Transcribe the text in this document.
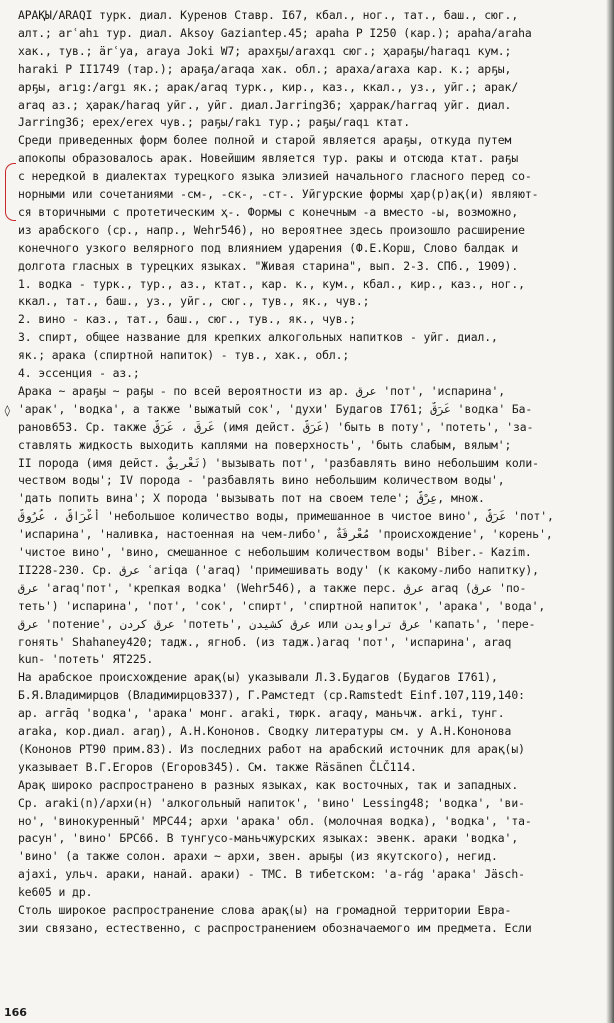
АРАҚЫ/ARAQI турк. диал. Куренов Ставр. I67, кбал., ног., тат., баш., сюг.,
алт.; arʿahı тур. диал. Aksoy Gaziantep.45; араһа P I250 (кар.); араһа/araha
хак., тув.; ärʿya, araya Joki W7; арахҕы/araxqı сюг.; ҳараҕы/haraqı кум.;
haraki P II1749 (тар.); араҕа/araqa хак. обл.; араха/araxa кар. к.; арҕы,
арҕы, arıg:/argı як.; арак/araq турк., кир., каз., ккал., уз., уйг.; арак/
araq аз.; ҳарак/haraq уйг., уйг. диал.Jarring36; ҳаррак/harraq уйг. диал.
Jarring36; ерех/erex чув.; раҕы/rakı тур.; раҕы/raqı ктат.
Среди приведенных форм более полной и старой является араҕы, откуда путем
апокопы образовалось арак. Новейшим является тур. ракы и отсюда ктат. раҕы
с нередкой в диалектах турецкого языка элизией начального гласного перед со-
норными или сочетаниями -см-, -ск-, -ст-. Уйгурские формы ҳар(р)ақ(и) являют-
ся вторичными с протетическим ҳ-. Формы с конечным -а вместо -ы, возможно,
из арабского (ср., напр., Wehr546), но вероятнее здесь произошло расширение
конечного узкого велярного под влиянием ударения (Ф.Е.Корш, Слово балдак и
долгота гласных в турецких языках. "Живая старина", вып. 2-3. СПб., 1909).
1. водка - турк., тур., аз., ктат., кар. к., кум., кбал., кир., каз., ног.,
ккал., тат., баш., уз., уйг., сюг., тув., як., чув.;
2. вино - каз., тат., баш., сюг., тув., як., чув.;
3. спирт, общее название для крепких алкогольных напитков - уйг. диал.,
як.; арака (спиртной напиток) - тув., хак., обл.;
4. эссенция - аз.;
Арака ~ араҕы ~ раҕы - по всей вероятности из ар. عرق 'пот', 'испарина',
'арак', 'водка', а также 'выжатый сок', 'духи' Будагов I761; عَرَقٌ 'водка' Ба-
ранов653. Ср. также عَرِقَ ، عَرَقٌ (имя дейст. عَرَقٌ) 'быть в поту', 'потеть', 'за-
ставлять жидкость выходить каплями на поверхность', 'быть слабым, вялым';
II порода (имя дейст. تَعْرِيقٌ) 'вызывать пот', 'разбавлять вино небольшим коли-
чеством воды'; IV порода - 'разбавлять вино небольшим количеством воды',
'дать попить вина'; X порода 'вызывать пот на своем теле'; عِرْقٌ, множ.
أَعْرَاقٌ ، عُرُوقٌ 'небольшое количество воды, примешанное в чистое вино', عَرَقٌ 'пот',
'испарина', 'наливка, настоенная на чем-либо', مُعْرِقَةٌ 'происхождение', 'корень',
'чистое вино', 'вино, смешанное с небольшим количеством воды' Biber.- Kazim.
II228-230. Ср. عرق ʿariqa ('araq) 'примешивать воду' (к какому-либо напитку),
عرق 'araq'пот', 'крепкая водка' (Wehr546), а также перс. عرق araq (عرق 'по-
теть') 'испарина', 'пот', 'сок', 'спирт', 'спиртной напиток', 'арака', 'вода',
عرق 'потение', عرق كردن 'потеть', عرق كشيدن или عرق تراويدن 'капать', 'пере-
гонять' Shahaney420; тадж., ягноб. (из тадж.)araq 'пот', 'испарина', araq
kun- 'потеть' ЯТ225.
На арабское происхождение арақ(ы) указывали Л.З.Будагов (Будагов I761),
Б.Я.Владимирцов (Владимирцов337), Г.Рамстедт (ср.Ramstedt Einf.107,119,140:
ар. arrāq 'водка', 'арака' монг. araki, тюрк. araqy, маньчж. arki, тунг.
araka, кор.диал. araŋ), А.Н.Кононов. Сводку литературы см. у А.Н.Кононова
(Кононов РТ90 прим.83). Из последних работ на арабский источник для арақ(ы)
указывает В.Г.Егоров (Егоров345). См. также Räsänen ČLČ114.
Арақ широко распространено в разных языках, как восточных, так и западных.
Ср. araki(n)/архи(н) 'алкогольный напиток', 'вино' Lessing48; 'водка', 'ви-
но', 'винокуренный' МРС44; архи 'арака' обл. (молочная водка), 'водка', 'та-
расун', 'вино' БРС66. В тунгусо-маньчжурских языках: эвенк. араки 'водка',
'вино' (а также солон. арахи ~ архи, звен. арыҕы (из якутского), негид.
ajaxi, ульч. араки, нанай. араки) - ТМС. В тибетском: 'a-rág 'арака' Jäsch-
ke605 и др.
Столь широкое распространение слова арақ(ы) на громадной территории Евра-
зии связано, естественно, с распространением обозначаемого им предмета. Если
◊
166
